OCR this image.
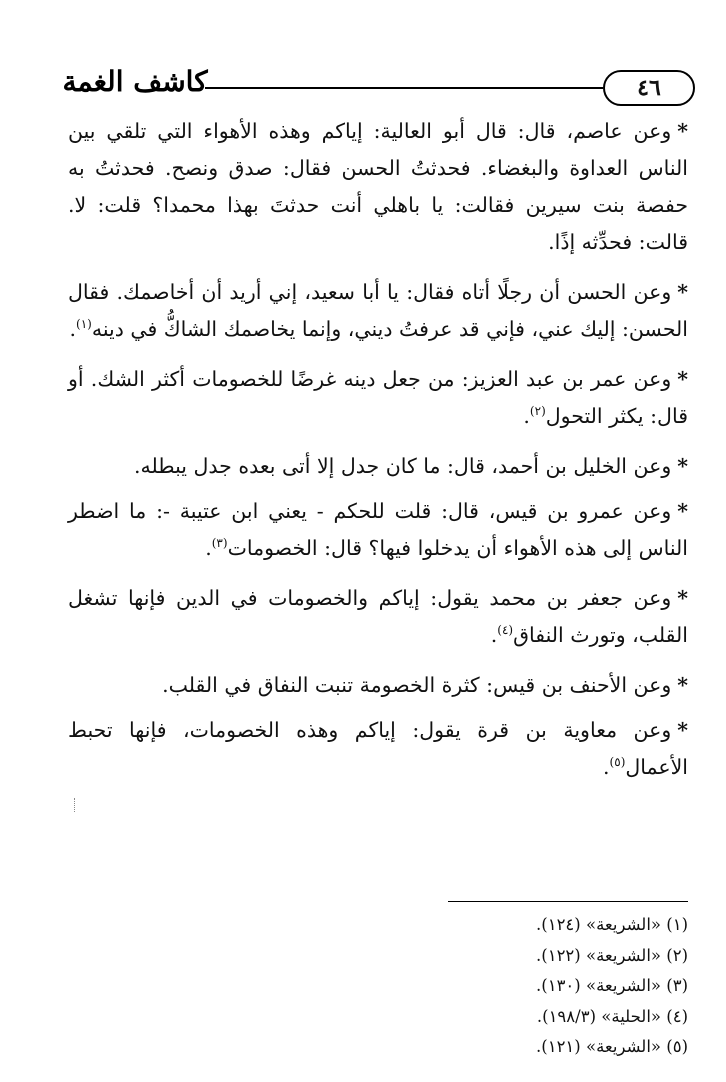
كاشف الغمة	٤٦

*وعن عاصم، قال: قال أبو العالية: إياكم وهذه الأهواء التي تلقي بين الناس العداوة والبغضاء. فحدثتُ الحسن فقال: صدق ونصح. فحدثتُ به حفصة بنت سيرين فقالت: يا باهلي أنت حدثتَ بهذا محمدا؟ قلت: لا. قالت: فحدِّثه إذًا.

*وعن الحسن أن رجلًا أتاه فقال: يا أبا سعيد، إني أريد أن أخاصمك. فقال الحسن: إليك عني، فإني قد عرفتُ ديني، وإنما يخاصمك الشاكُّ في دينه$^{(١)}$.

*وعن عمر بن عبد العزيز: من جعل دينه غرضًا للخصومات أكثر الشك. أو قال: يكثر التحول$^{(٢)}$.

*وعن الخليل بن أحمد، قال: ما كان جدل إلا أتى بعده جدل يبطله.

*وعن عمرو بن قيس، قال: قلت للحكم - يعني ابن عتيبة -: ما اضطر الناس إلى هذه الأهواء أن يدخلوا فيها؟ قال: الخصومات$^{(٣)}$.

*وعن جعفر بن محمد يقول: إياكم والخصومات في الدين فإنها تشغل القلب، وتورث النفاق$^{(٤)}$.

*وعن الأحنف بن قيس: كثرة الخصومة تنبت النفاق في القلب.

*وعن معاوية بن قرة يقول: إياكم وهذه الخصومات، فإنها تحبط الأعمال$^{(٥)}$.

(١) «الشريعة» (١٢٤).

(٢) «الشريعة» (١٢٢).

(٣) «الشريعة» (١٣٠).

(٤) «الحلية» (١٩٨/٣).

(٥) «الشريعة» (١٢١).
